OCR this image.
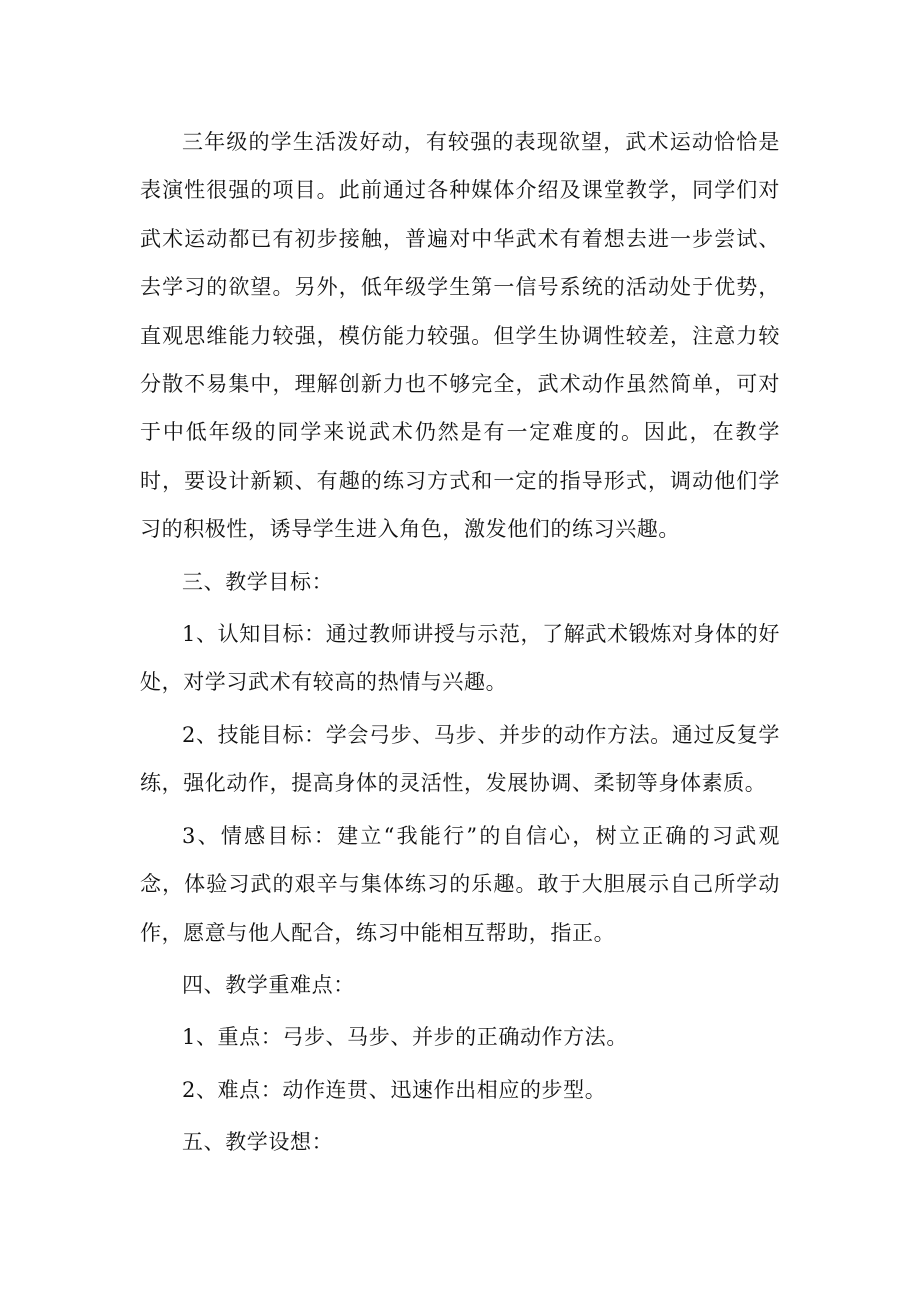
三年级的学生活泼好动，有较强的表现欲望，武术运动恰恰是表演性很强的项目。此前通过各种媒体介绍及课堂教学，同学们对武术运动都已有初步接触，普遍对中华武术有着想去进一步尝试、去学习的欲望。另外，低年级学生第一信号系统的活动处于优势，直观思维能力较强，模仿能力较强。但学生协调性较差，注意力较分散不易集中，理解创新力也不够完全，武术动作虽然简单，可对于中低年级的同学来说武术仍然是有一定难度的。因此，在教学时，要设计新颖、有趣的练习方式和一定的指导形式，调动他们学习的积极性，诱导学生进入角色，激发他们的练习兴趣。

三、教学目标：

1、认知目标：通过教师讲授与示范，了解武术锻炼对身体的好处，对学习武术有较高的热情与兴趣。

2、技能目标：学会弓步、马步、并步的动作方法。通过反复学练，强化动作，提高身体的灵活性，发展协调、柔韧等身体素质。

3、情感目标：建立“我能行”的自信心，树立正确的习武观念，体验习武的艰辛与集体练习的乐趣。敢于大胆展示自己所学动作，愿意与他人配合，练习中能相互帮助，指正。

四、教学重难点：

1、重点：弓步、马步、并步的正确动作方法。

2、难点：动作连贯、迅速作出相应的步型。

五、教学设想：
